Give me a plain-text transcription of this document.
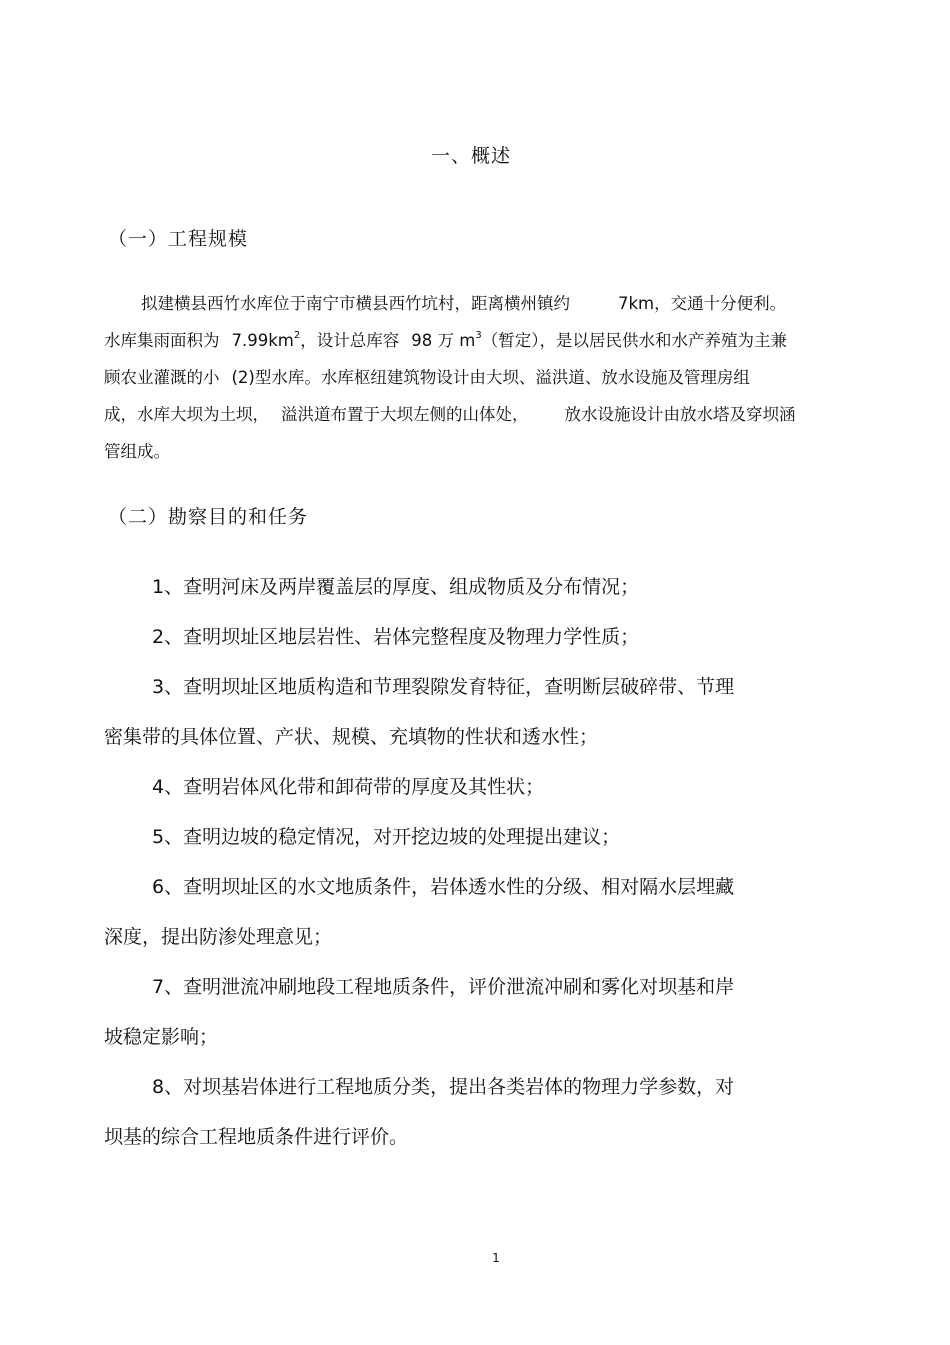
一、概述
（一）工程规模
拟建横县西竹水库位于南宁市横县西竹坑村，距离横州镇约	7km，交通十分便利。
水库集雨面积为 $7.99km^2$，设计总库容 98 万 $m^3$（暂定），是以居民供水和水产养殖为主兼
顾农业灌溉的小 (2)型水库。水库枢纽建筑物设计由大坝、溢洪道、放水设施及管理房组
成，水库大坝为土坝， 溢洪道布置于大坝左侧的山体处， 放水设施设计由放水塔及穿坝涵
管组成。
（二）勘察目的和任务
1、查明河床及两岸覆盖层的厚度、组成物质及分布情况；
2、查明坝址区地层岩性、岩体完整程度及物理力学性质；
3、查明坝址区地质构造和节理裂隙发育特征，查明断层破碎带、节理
密集带的具体位置、产状、规模、充填物的性状和透水性；
4、查明岩体风化带和卸荷带的厚度及其性状；
5、查明边坡的稳定情况，对开挖边坡的处理提出建议；
6、查明坝址区的水文地质条件，岩体透水性的分级、相对隔水层埋藏
深度，提出防渗处理意见；
7、查明泄流冲刷地段工程地质条件，评价泄流冲刷和雾化对坝基和岸
坡稳定影响；
8、对坝基岩体进行工程地质分类，提出各类岩体的物理力学参数，对
坝基的综合工程地质条件进行评价。
1
